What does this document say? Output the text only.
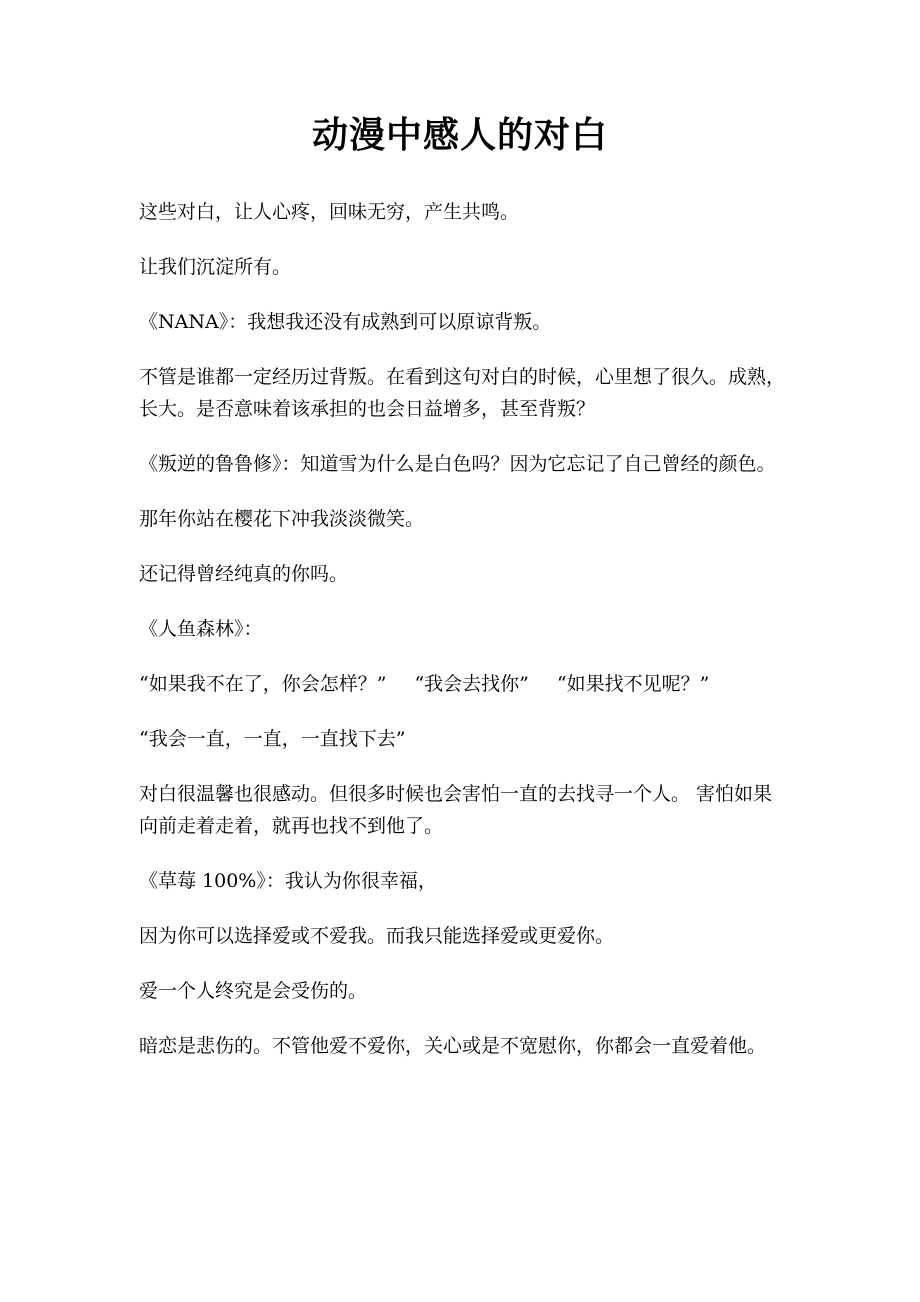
动漫中感人的对白

这些对白，让人心疼，回味无穷，产生共鸣。

让我们沉淀所有。

《NANA》：我想我还没有成熟到可以原谅背叛。

不管是谁都一定经历过背叛。在看到这句对白的时候，心里想了很久。成熟，长大。是否意味着该承担的也会日益增多，甚至背叛？

《叛逆的鲁鲁修》：知道雪为什么是白色吗？因为它忘记了自己曾经的颜色。

那年你站在樱花下冲我淡淡微笑。

还记得曾经纯真的你吗。

《人鱼森林》：

“如果我不在了，你会怎样？” “我会去找你” “如果找不见呢？”

“我会一直，一直，一直找下去”

对白很温馨也很感动。但很多时候也会害怕一直的去找寻一个人。 害怕如果向前走着走着，就再也找不到他了。

《草莓 100%》：我认为你很幸福，

因为你可以选择爱或不爱我。而我只能选择爱或更爱你。

爱一个人终究是会受伤的。

暗恋是悲伤的。不管他爱不爱你，关心或是不宽慰你，你都会一直爱着他。
